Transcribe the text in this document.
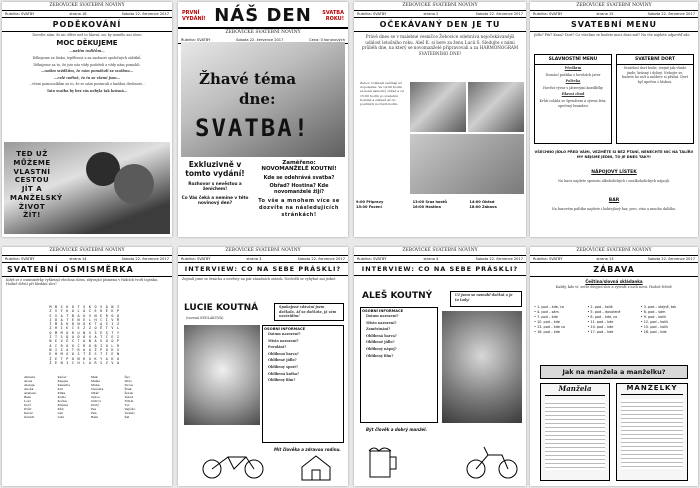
ŽEBOVICKÉ SVATEBNÍ NOVINY
Rubrika: SVATBY	strana 16	Sobota 22. července 2017
PODĚKOVÁNÍ
Dovolte nám, že nic dříve než to hlavní, nic by nemělo ani slovo
MOC DĚKUJEME
…našim rodičům…
Děkujeme za lásku, trpělivost a za možnost společných zážitků.
Děkujeme za to, že jste nás vždy podrželi a vždy nám pomohli.
…našim svědkům, že nám pomáhali se svatbou…
…celé rodině, že tu se všemi jsou…
…všem pomocníkům za to, že se nám postarali o každou drobnost…
Tato svatba by bez vás nebyla tak krásná…
TED UŽ MŮŽEME VLASTNÍ CESTOU JÍT A MANŽELSKÝ ŽIVOT ŽÍT!
PRVNÍ VYDÁNÍ! NÁŠ DEN	SVATBA ROKU!
ŽEBOVICKÉ SVATEBNÍ NOVINY
Rubrika: SVATBY	Sobota 22. července 2017	Cena: 0 korunových
Žhavé téma
dne:
SVATBA!
Exkluzivně v
tomto vydání!
Rozhovor s nevěstou a ženichem!
Co Vás čeká a nemine v této novinový den?
Zaměřeno:
NOVOMANŽELÉ KOUTNÍ!
Kde se odehrává svatba?
Obřad? Hostina? Kde novomanželé žijí?
To vše a mnohem více se dozvíte na následujících stránkách!
ŽEBOVICKÉ SVATEBNÍ NOVINY
Rubrika: SVATBY	strana 2	Sobota 22. července 2017
OČEKÁVANÝ DEN JE TU
Právě dnes se v malebné vesničce Žebovice odehrává nejočekávanější událost letošního roku. Aleš K. si bere za ženu Lucii S. Sledujte s námi průběh dne, na který se novomanželé připravovali a za HARMONOGRAM SVATEBNÍHO DNE!
Žebov. Události začínají už dopoledne. Ve 14:00 hodin se koná samotný obřad a od 15:00 hodin po svatební hostině a zábavě až do pozdních nočních hodin.
9:00 Přípravy	13:00 Sraz hostů	14:00 Obřad
15:00 Focení	16:00 Hostina	18:00 Zábava
ŽEBOVICKÉ SVATEBNÍ NOVINY
Rubrika: SVATBY	strana 15	Sobota 22. července 2017
SVATEBNÍ MENU
Jídlo? Pití? Kaaa? Dort? Co všechno se budete moci dnes mít? Na vše najdete odpověď zde.
SLAVNOSTNÍ MENU
Předkrm
Domácí paštika z hovězích jater
Polévka
Hovězí vývar s játrovými knedlíčky
Hlavní chod
Krůtí roláda se špenátem a sýrem feta, opečený brambor
SVATEBNÍ DORT
Svatební dort bude, stejně jak všude jinde, krásný i dobrý. Nebojte se, budete ho mít a můžete si přidat. Dort byl upečen s láskou.
VŠECHNO JÍDLO PŘED VÁMI, VEZMĚTE SI BEZ PTANÍ, NENECHTE NIC NA TALÍŘI! MY NEJSME JEDNI, TO JE DNES TAKY!
NÁPOJOVÝ LÍSTEK
Na baru najdete spoustu alkoholických i nealkoholických nápojů.
BAR
Na barovém pultíku najdete i koktejlový bar, pivo, víno a mnoho dalšího.
ŽEBOVICKÉ SVATEBNÍ NOVINY
Rubrika: SVATBY	strana 14	Sobota 22. července 2017
SVATEBNÍ OSMISMĚRKA
Když se z osmisměrky vyškrtají všechna slova, zbývající písmena v řádcích tvoří tajenku. Hodně štěstí při hledání slov!
MBSKOTVKOVÁNÍ
ZVÝKOLÁČEKĚKP
SVATBAUVNEROO
JDATENELHCÍVŘ
ÍMÁKRNUKTAŠIZ
ZHIEČEZZOĚTVL
OMMORUNSŠESTY
ÍTSDADOVATČEI
NEVĚSTANAVOOP
ÁCROUČROBIOLR
NIZATRAAŽPUKS
EHMGOŠTĚSTÍEN
ŽETPONRUKYAKO
ŽENICHLARSZVA
Almara	Kačer	Mák	Šev
Alosa	Kapela	Mašle	Slivo
Aleluja	Kasárně	Muka	Slova
Ancák	Kid	Nevěsta	Šrak
Arabela	Klika	Oltář	Šotek
Bala	Kódlo	Opice	Tekut
Losy	Kočka	Ostrov	Tintín
Dort	Krásné	Prstý	Tyr
Dvůr	Kůň	Pes	Vajíčko
Kačer	Lék	Pán	Úsměv
Ženich	Lubí	Ráni	Žal
ŽEBOVICKÉ SVATEBNÍ NOVINY
Rubrika: SVATBY	strana 3	Sobota 22. července 2017
INTERVIEW: CO NA SEBE PRÁSKLI?
Zeptali jsme se ženicha a nevěsty na pár zásadních otázek. Nechtěli se vyhýbat ani jedné.
LUCIE KOUTNÁ
(rozená SEDLÁKOVÁ)
Spokojené vdávání jsem dočkala. Ať se dočkáte, já vám nezávidím!
OSOBNÍ INFORMACE
Datum narození?
Místo narození?
Povolání?
Oblíbená barva?
Oblíbené jídlo?
Oblíbený sport?
Oblíbená kniha?
Oblíbený film?
Mít člověka a zdravou rodinu.
ŽEBOVICKÉ SVATEBNÍ NOVINY
Rubrika: SVATBY	strana 4	Sobota 22. července 2017
INTERVIEW: CO NA SEBE PRÁSKLI?
ALEŠ KOUTNÝ	Už jsem se nemohl dočkat a je to tady!
OSOBNÍ INFORMACE
Datum narození?
Místo narození?
Zaměstnání?
Oblíbená barva?
Oblíbené jídlo?
Oblíbený nápoj?
Oblíbený film?
Být člověk a dobrý manžel.
ŽEBOVICKÉ SVATEBNÍ NOVINY
Rubrika: SVATBY	strana 13	Sobota 22. července 2017
ZÁBAVA
Čeština/slovná skládanka
Každý, kdo ví, sečte dvojice slov a vytvoří z nich nová. Hodně štěstí!
• 1. pod – kde, co	• 2. pod – kolik	• 3. pod – stejně, tak
• 4. pod – sám	• 5. pod – dovolené	• 6. pod – sám
• 7. pod – kde	• 8. pod – kde, co	• 9. pod – kolik
• 10. pod – kde	• 11. pod – kde	• 12. pod – kolik
• 13. pod – kde co	• 14. pod – kde	• 15. pod – kolik
• 16. pod – kde	• 17. pod – kde	• 18. pod – kde
Jak na manžela a manželku?
Manžela	MANŽELKY
